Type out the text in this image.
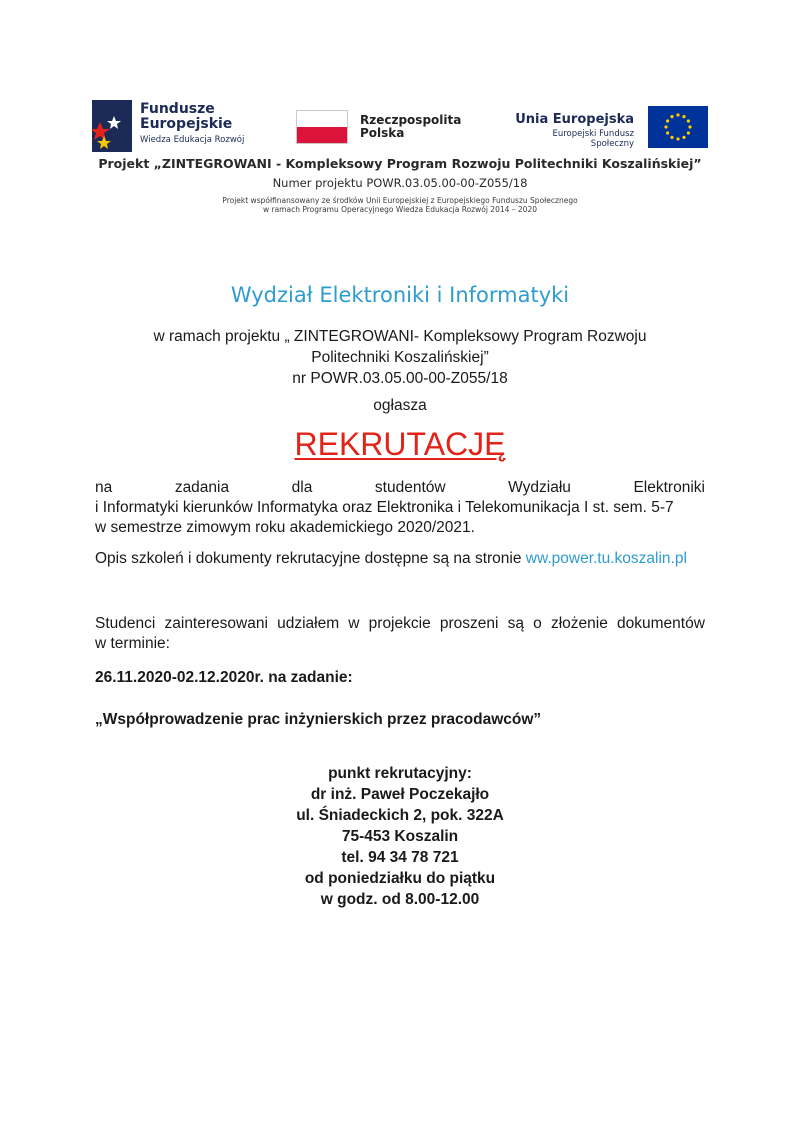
Fundusze
Europejskie
Wiedza Edukacja Rozwój
Rzeczpospolita
Polska
Unia Europejska
Europejski Fundusz Społeczny
Projekt „ZINTEGROWANI - Kompleksowy Program Rozwoju Politechniki Koszalińskiej”
Numer projektu POWR.03.05.00-00-Z055/18
Projekt współfinansowany ze środków Unii Europejskiej z Europejskiego Funduszu Społecznego
w ramach Programu Operacyjnego Wiedza Edukacja Rozwój 2014 – 2020
Wydział Elektroniki i Informatyki
w ramach projektu „ ZINTEGROWANI- Kompleksowy Program Rozwoju
Politechniki Koszalińskiej”
nr POWR.03.05.00-00-Z055/18
ogłasza
REKRUTACJĘ
na	zadania	dla	studentów	Wydziału	Elektroniki
i Informatyki kierunków Informatyka oraz Elektronika i Telekomunikacja I st. sem. 5-7
w semestrze zimowym roku akademickiego 2020/2021.
Opis szkoleń i dokumenty rekrutacyjne dostępne są na stronie ww.power.tu.koszalin.pl
Studenci zainteresowani udziałem w projekcie proszeni są o złożenie dokumentów
w terminie:
26.11.2020-02.12.2020r. na zadanie:
„Współprowadzenie prac inżynierskich przez pracodawców”
punkt rekrutacyjny:
dr inż. Paweł Poczekajło
ul. Śniadeckich 2, pok. 322A
75-453 Koszalin
tel. 94 34 78 721
od poniedziałku do piątku
w godz. od 8.00-12.00
